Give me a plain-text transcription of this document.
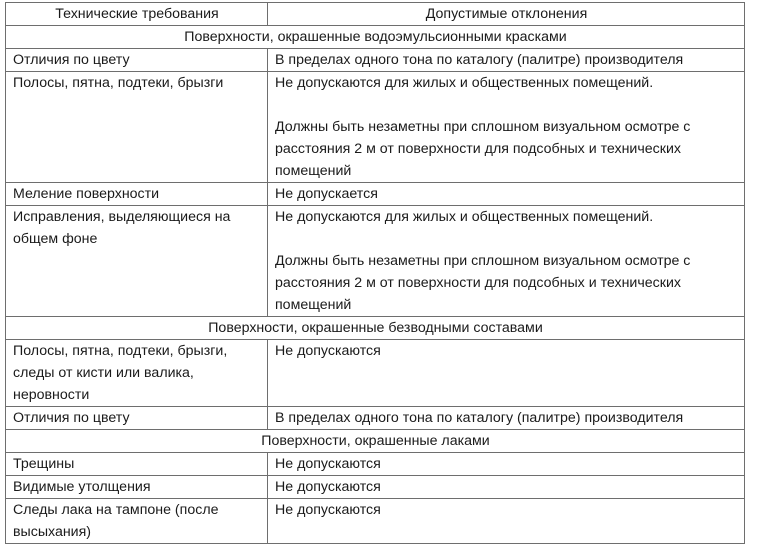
Технические требования	Допустимые отклонения
Поверхности, окрашенные водоэмульсионными красками	
Отличия по цвету	В пределах одного тона по каталогу (палитре) производителя

Полосы, пятна, подтеки, брызги	Не допускаются для жилых и общественных помещений.

Должны быть незаметны при сплошном визуальном осмотре с расстояния 2 м от поверхности для подсобных и технических помещений

Меление поверхности	Не допускается

Исправления, выделяющиеся на общем фоне	Не допускаются для жилых и общественных помещений.

Должны быть незаметны при сплошном визуальном осмотре с расстояния 2 м от поверхности для подсобных и технических помещений

Поверхности, окрашенные безводными составами	
Полосы, пятна, подтеки, брызги, следы от кисти или валика, неровности	Не допускаются

Отличия по цвету	В пределах одного тона по каталогу (палитре) производителя

Поверхности, окрашенные лаками	
Трещины	Не допускаются

Видимые утолщения	Не допускаются

Следы лака на тампоне (после высыхания)	Не допускаются
